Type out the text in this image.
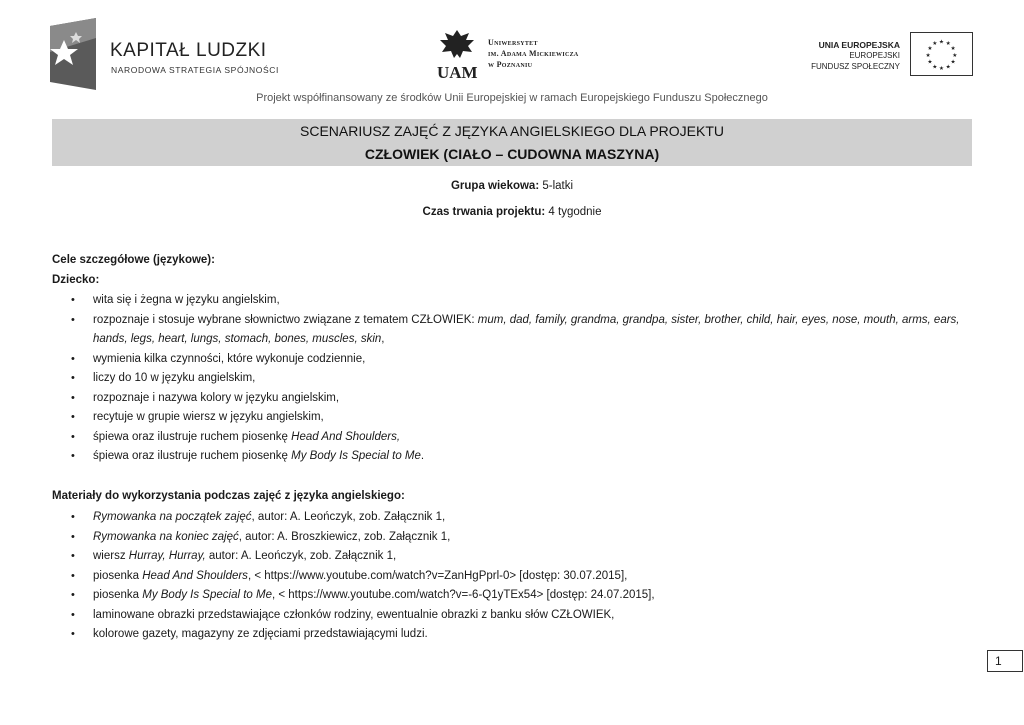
KAPITAŁ LUDZKI
NARODOWA STRATEGIA SPÓJNOŚCI	UAM
Uniwersytet
im. Adama Mickiewicza
w Poznaniu
UNIA EUROPEJSKA
EUROPEJSKI
FUNDUSZ SPOŁECZNY
★ ★
★
★
★
★
★
★
★
★
★
★
Projekt współfinansowany ze środków Unii Europejskiej w ramach Europejskiego Funduszu Społecznego
SCENARIUSZ ZAJĘĆ Z JĘZYKA ANGIELSKIEGO DLA PROJEKTU
CZŁOWIEK (CIAŁO – CUDOWNA MASZYNA)
Grupa wiekowa: 5-latki
Czas trwania projektu: 4 tygodnie
Cele szczegółowe (językowe):
Dziecko:
• wita się i żegna w języku angielskim,
• rozpoznaje i stosuje wybrane słownictwo związane z tematem CZŁOWIEK: mum, dad, family, grandma, grandpa, sister, brother, child, hair, eyes, nose, mouth, arms, ears, hands, legs, heart, lungs, stomach, bones, muscles, skin,
• wymienia kilka czynności, które wykonuje codziennie,
• liczy do 10 w języku angielskim,
• rozpoznaje i nazywa kolory w języku angielskim,
• recytuje w grupie wiersz w języku angielskim,
• śpiewa oraz ilustruje ruchem piosenkę Head And Shoulders,
• śpiewa oraz ilustruje ruchem piosenkę My Body Is Special to Me.
Materiały do wykorzystania podczas zajęć z języka angielskiego:
• Rymowanka na początek zajęć, autor: A. Leończyk, zob. Załącznik 1,
• Rymowanka na koniec zajęć, autor: A. Broszkiewicz, zob. Załącznik 1,
• wiersz Hurray, Hurray, autor: A. Leończyk, zob. Załącznik 1,
• piosenka Head And Shoulders, < https://www.youtube.com/watch?v=ZanHgPprl-0> [dostęp: 30.07.2015],
• piosenka My Body Is Special to Me, < https://www.youtube.com/watch?v=-6-Q1yTEx54> [dostęp: 24.07.2015],
• laminowane obrazki przedstawiające członków rodziny, ewentualnie obrazki z banku słów CZŁOWIEK,
• kolorowe gazety, magazyny ze zdjęciami przedstawiającymi ludzi.
1
